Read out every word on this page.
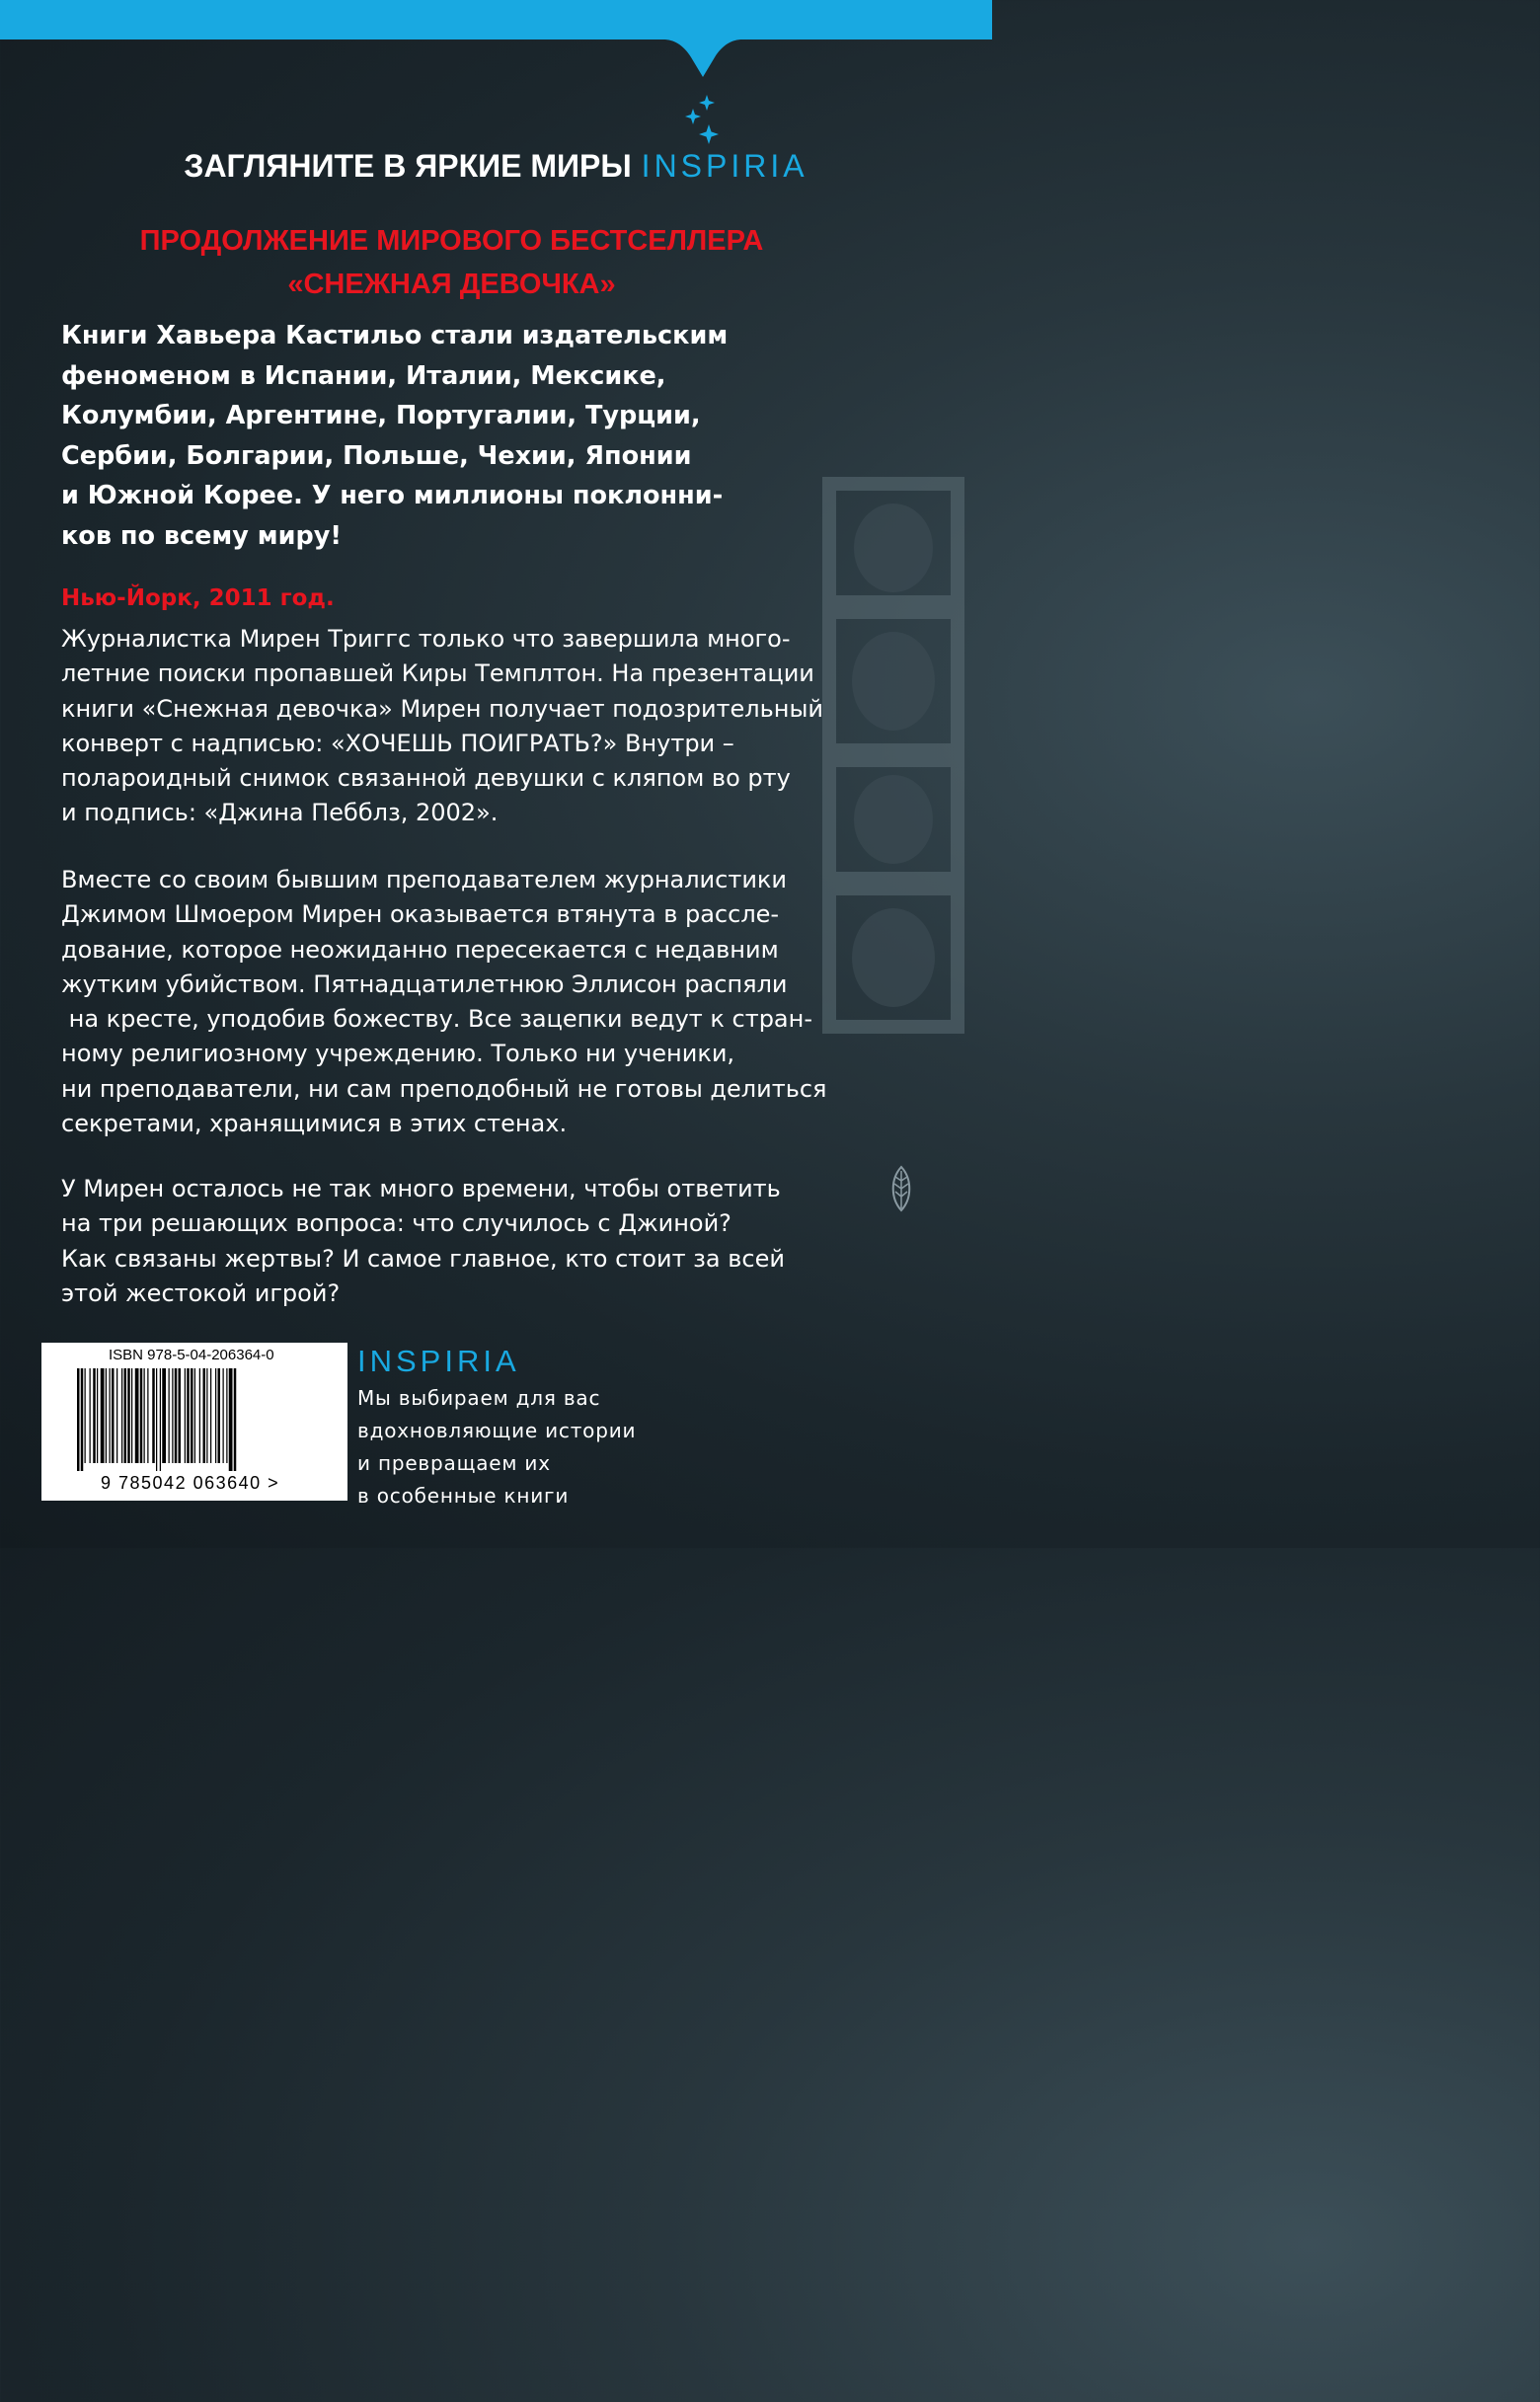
ЗАГЛЯНИТЕ В ЯРКИЕ МИРЫ INSPIRIA
ПРОДОЛЖЕНИЕ МИРОВОГО БЕСТСЕЛЛЕРА
«СНЕЖНАЯ ДЕВОЧКА»
Книги Хавьера Кастильо стали издательским
феноменом в Испании, Италии, Мексике,
Колумбии, Аргентине, Португалии, Турции,
Сербии, Болгарии, Польше, Чехии, Японии
и Южной Корее. У него миллионы поклонни-
ков по всему миру!
Нью-Йорк, 2011 год.
Журналистка Мирен Триггс только что завершила много-
летние поиски пропавшей Киры Темплтон. На презентации
книги «Снежная девочка» Мирен получает подозрительный
конверт с надписью: «ХОЧЕШЬ ПОИГРАТЬ?» Внутри –
полароидный снимок связанной девушки с кляпом во рту
и подпись: «Джина Пебблз, 2002».
Вместе со своим бывшим преподавателем журналистики
Джимом Шмоером Мирен оказывается втянута в рассле-
дование, которое неожиданно пересекается с недавним
жутким убийством. Пятнадцатилетнюю Эллисон распяли
на кресте, уподобив божеству. Все зацепки ведут к стран-
ному религиозному учреждению. Только ни ученики,
ни преподаватели, ни сам преподобный не готовы делиться
секретами, хранящимися в этих стенах.
У Мирен осталось не так много времени, чтобы ответить
на три решающих вопроса: что случилось с Джиной?
Как связаны жертвы? И самое главное, кто стоит за всей
этой жестокой игрой?
ISBN 978-5-04-206364-0
9 785042 063640 >
INSPIRIA
Мы выбираем для вас
вдохновляющие истории
и превращаем их
в особенные книги
